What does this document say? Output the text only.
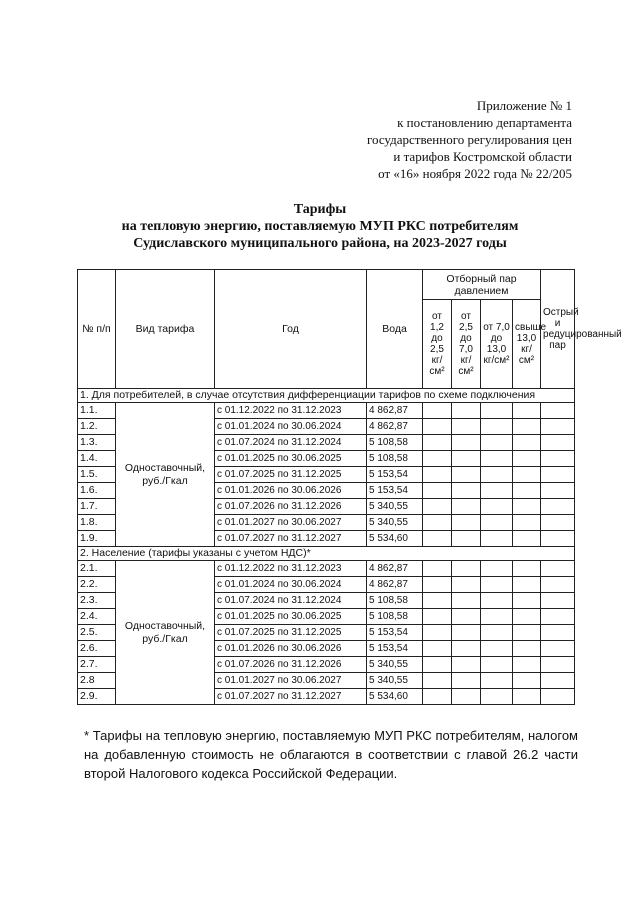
Приложение № 1
к постановлению департамента
государственного регулирования цен
и тарифов Костромской области
от «16» ноября 2022 года № 22/205
Тарифы
на тепловую энергию, поставляемую МУП РКС потребителям
Судиславского муниципального района, на 2023-2027 годы
№ п/п	Вид тарифа	Год	Вода	Отборный пар давлением				Острый и редуцированный пар
				от 1,2 до 2,5 кг/см²	от 2,5 до 7,0 кг/см²	от 7,0 до 13,0 кг/см²	свыше 13,0 кг/см²	
1. Для потребителей, в случае отсутствия дифференциации тарифов по схеме подключения								
1.1.	Одноставочный, руб./Гкал	с 01.12.2022 по 31.12.2023	4 862,87					
1.2.		с 01.01.2024 по 30.06.2024	4 862,87					
1.3.		с 01.07.2024 по 31.12.2024	5 108,58					
1.4.		с 01.01.2025 по 30.06.2025	5 108,58					
1.5.		с 01.07.2025 по 31.12.2025	5 153,54					
1.6.		с 01.01.2026 по 30.06.2026	5 153,54					
1.7.		с 01.07.2026 по 31.12.2026	5 340,55					
1.8.		с 01.01.2027 по 30.06.2027	5 340,55					
1.9.		с 01.07.2027 по 31.12.2027	5 534,60					
2. Население (тарифы указаны с учетом НДС)*								
2.1.	Одноставочный, руб./Гкал	с 01.12.2022 по 31.12.2023	4 862,87					
2.2.		с 01.01.2024 по 30.06.2024	4 862,87					
2.3.		с 01.07.2024 по 31.12.2024	5 108,58					
2.4.		с 01.01.2025 по 30.06.2025	5 108,58					
2.5.		с 01.07.2025 по 31.12.2025	5 153,54					
2.6.		с 01.01.2026 по 30.06.2026	5 153,54					
2.7.		с 01.07.2026 по 31.12.2026	5 340,55					
2.8		с 01.01.2027 по 30.06.2027	5 340,55					
2.9.		с 01.07.2027 по 31.12.2027	5 534,60					
* Тарифы на тепловую энергию, поставляемую МУП РКС потребителям, налогом на добавленную стоимость не облагаются в соответствии с главой 26.2 части второй Налогового кодекса Российской Федерации.
